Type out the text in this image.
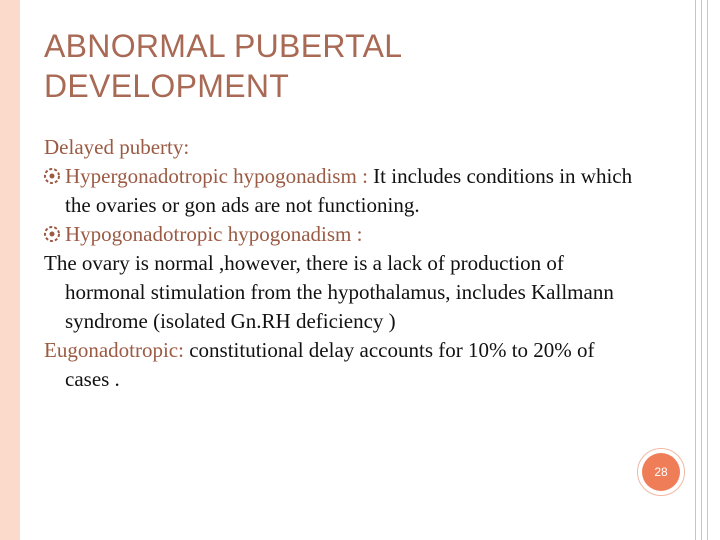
ABNORMAL PUBERTAL
DEVELOPMENT

Delayed puberty:

Hypergonadotropic hypogonadism : It includes conditions in which the ovaries or gon ads are not functioning.

Hypogonadotropic hypogonadism :

The ovary is normal ,however, there is a lack of production of hormonal stimulation from the hypothalamus, includes Kallmann syndrome (isolated Gn.RH deficiency )

Eugonadotropic: constitutional delay accounts for 10% to 20% of cases .

28
